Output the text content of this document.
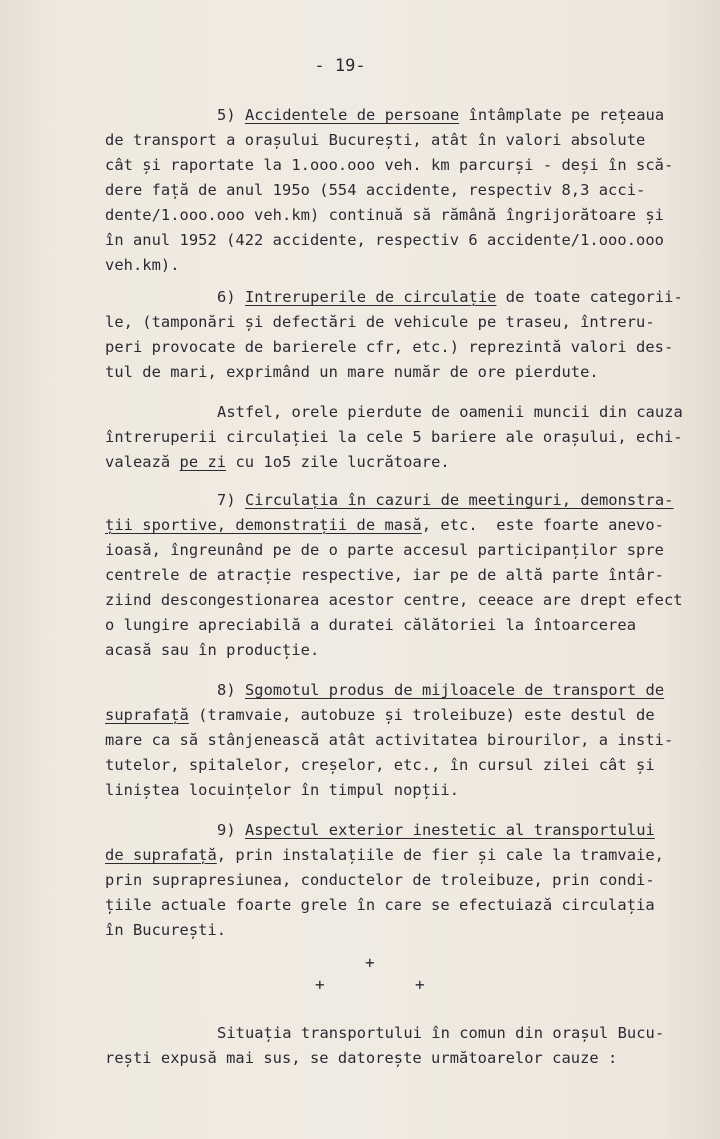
- 19-
5) Accidentele de persoane întâmplate pe rețeaua
de transport a orașului București, atât în valori absolute
cât și raportate la 1.ooo.ooo veh. km parcurși - deși în scă-
dere față de anul 195o (554 accidente, respectiv 8,3 acci-
dente/1.ooo.ooo veh.km) continuă să rămână îngrijorătoare și
în anul 1952 (422 accidente, respectiv 6 accidente/1.ooo.ooo
veh.km).
6) Intreruperile de circulație de toate categorii-
le, (tamponări și defectări de vehicule pe traseu, întreru-
peri provocate de barierele cfr, etc.) reprezintă valori des-
tul de mari, exprimând un mare număr de ore pierdute.
Astfel, orele pierdute de oamenii muncii din cauza
întreruperii circulației la cele 5 bariere ale orașului, echi-
valează pe zi cu 1o5 zile lucrătoare.
7) Circulația în cazuri de meetinguri, demonstra-
ții sportive, demonstrații de masă, etc.  este foarte anevo-
ioasă, îngreunând pe de o parte accesul participanților spre
centrele de atracție respective, iar pe de altă parte întâr-
ziind descongestionarea acestor centre, ceeace are drept efect
o lungire apreciabilă a duratei călătoriei la întoarcerea
acasă sau în producție.
8) Sgomotul produs de mijloacele de transport de
suprafață (tramvaie, autobuze și troleibuze) este destul de
mare ca să stânjenească atât activitatea birourilor, a insti-
tutelor, spitalelor, creșelor, etc., în cursul zilei cât și
liniștea locuințelor în timpul nopții.
9) Aspectul exterior inestetic al transportului
de suprafață, prin instalațiile de fier și cale la tramvaie,
prin suprapresiunea, conductelor de troleibuze, prin condi-
țiile actuale foarte grele în care se efectuiază circulația
în București.
+
+	+
Situația transportului în comun din orașul Bucu-
rești expusă mai sus, se datorește următoarelor cauze :
